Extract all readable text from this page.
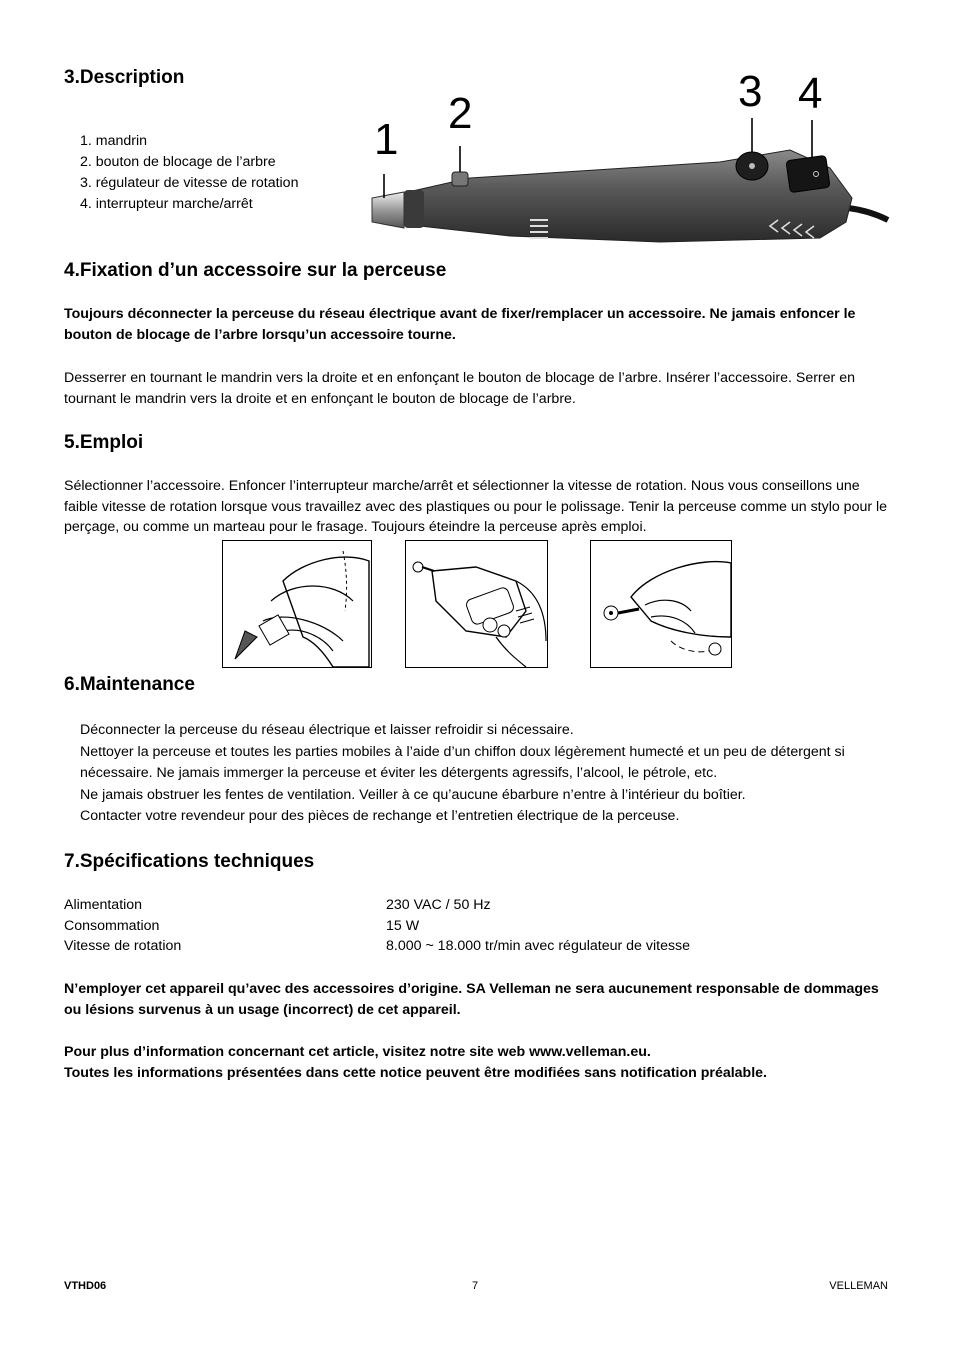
3.Description
1. mandrin
2. bouton de blocage de l’arbre
3. régulateur de vitesse de rotation
4. interrupteur marche/arrêt
1
2	3 4
4.Fixation d’un accessoire sur la perceuse
Toujours déconnecter la perceuse du réseau électrique avant de fixer/remplacer un accessoire. Ne jamais enfoncer le bouton de blocage de l’arbre lorsqu’un accessoire tourne.
Desserrer en tournant le mandrin vers la droite et en enfonçant le bouton de blocage de l’arbre. Insérer l’accessoire. Serrer en tournant le mandrin vers la droite et en enfonçant le bouton de blocage de l’arbre.
5.Emploi
Sélectionner l’accessoire. Enfoncer l’interrupteur marche/arrêt et sélectionner la vitesse de rotation. Nous vous conseillons une faible vitesse de rotation lorsque vous travaillez avec des plastiques ou pour le polissage. Tenir la perceuse comme un stylo pour le perçage, ou comme un marteau pour le frasage. Toujours éteindre la perceuse après emploi.
6.Maintenance
Déconnecter la perceuse du réseau électrique et laisser refroidir si nécessaire.
Nettoyer la perceuse et toutes les parties mobiles à l’aide d’un chiffon doux légèrement humecté et un peu de détergent si nécessaire. Ne jamais immerger la perceuse et éviter les détergents agressifs, l’alcool, le pétrole, etc.
Ne jamais obstruer les fentes de ventilation. Veiller à ce qu’aucune ébarbure n’entre à l’intérieur du boîtier.
Contacter votre revendeur pour des pièces de rechange et l’entretien électrique de la perceuse.
7.Spécifications techniques
Alimentation	230 VAC / 50 Hz
Consommation	15 W
Vitesse de rotation	8.000 ~ 18.000 tr/min avec régulateur de vitesse
N’employer cet appareil qu’avec des accessoires d’origine. SA Velleman ne sera aucunement responsable de dommages ou lésions survenus à un usage (incorrect) de cet appareil.
Pour plus d’information concernant cet article, visitez notre site web www.velleman.eu.
Toutes les informations présentées dans cette notice peuvent être modifiées sans notification préalable.
VTHD06	7	VELLEMAN
